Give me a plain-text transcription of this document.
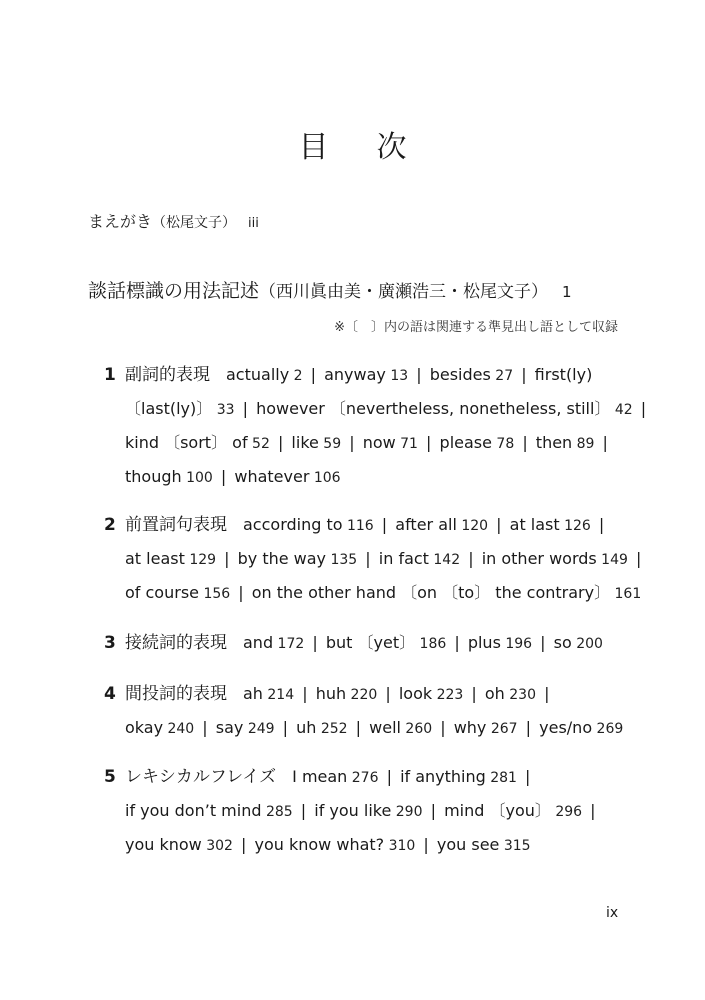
目 次
まえがき（松尾文子） iii
談話標識の用法記述（西川眞由美・廣瀬浩三・松尾文子） 1
※〔　〕内の語は関連する準見出し語として収録
1 副詞的表現 actually 2 | anyway 13 | besides 27 | first(ly)
〔last(ly)〕 33 | however 〔nevertheless, nonetheless, still〕 42 |
kind 〔sort〕 of 52 | like 59 | now 71 | please 78 | then 89 |
though 100 | whatever 106
2 前置詞句表現 according to 116 | after all 120 | at last 126 |
at least 129 | by the way 135 | in fact 142 | in other words 149 |
of course 156 | on the other hand 〔on 〔to〕 the contrary〕 161
3 接続詞的表現 and 172 | but 〔yet〕 186 | plus 196 | so 200
4 間投詞的表現 ah 214 | huh 220 | look 223 | oh 230 |
okay 240 | say 249 | uh 252 | well 260 | why 267 | yes/no 269
5 レキシカルフレイズ I mean 276 | if anything 281 |
if you don’t mind 285 | if you like 290 | mind 〔you〕 296 |
you know 302 | you know what? 310 | you see 315
ix
